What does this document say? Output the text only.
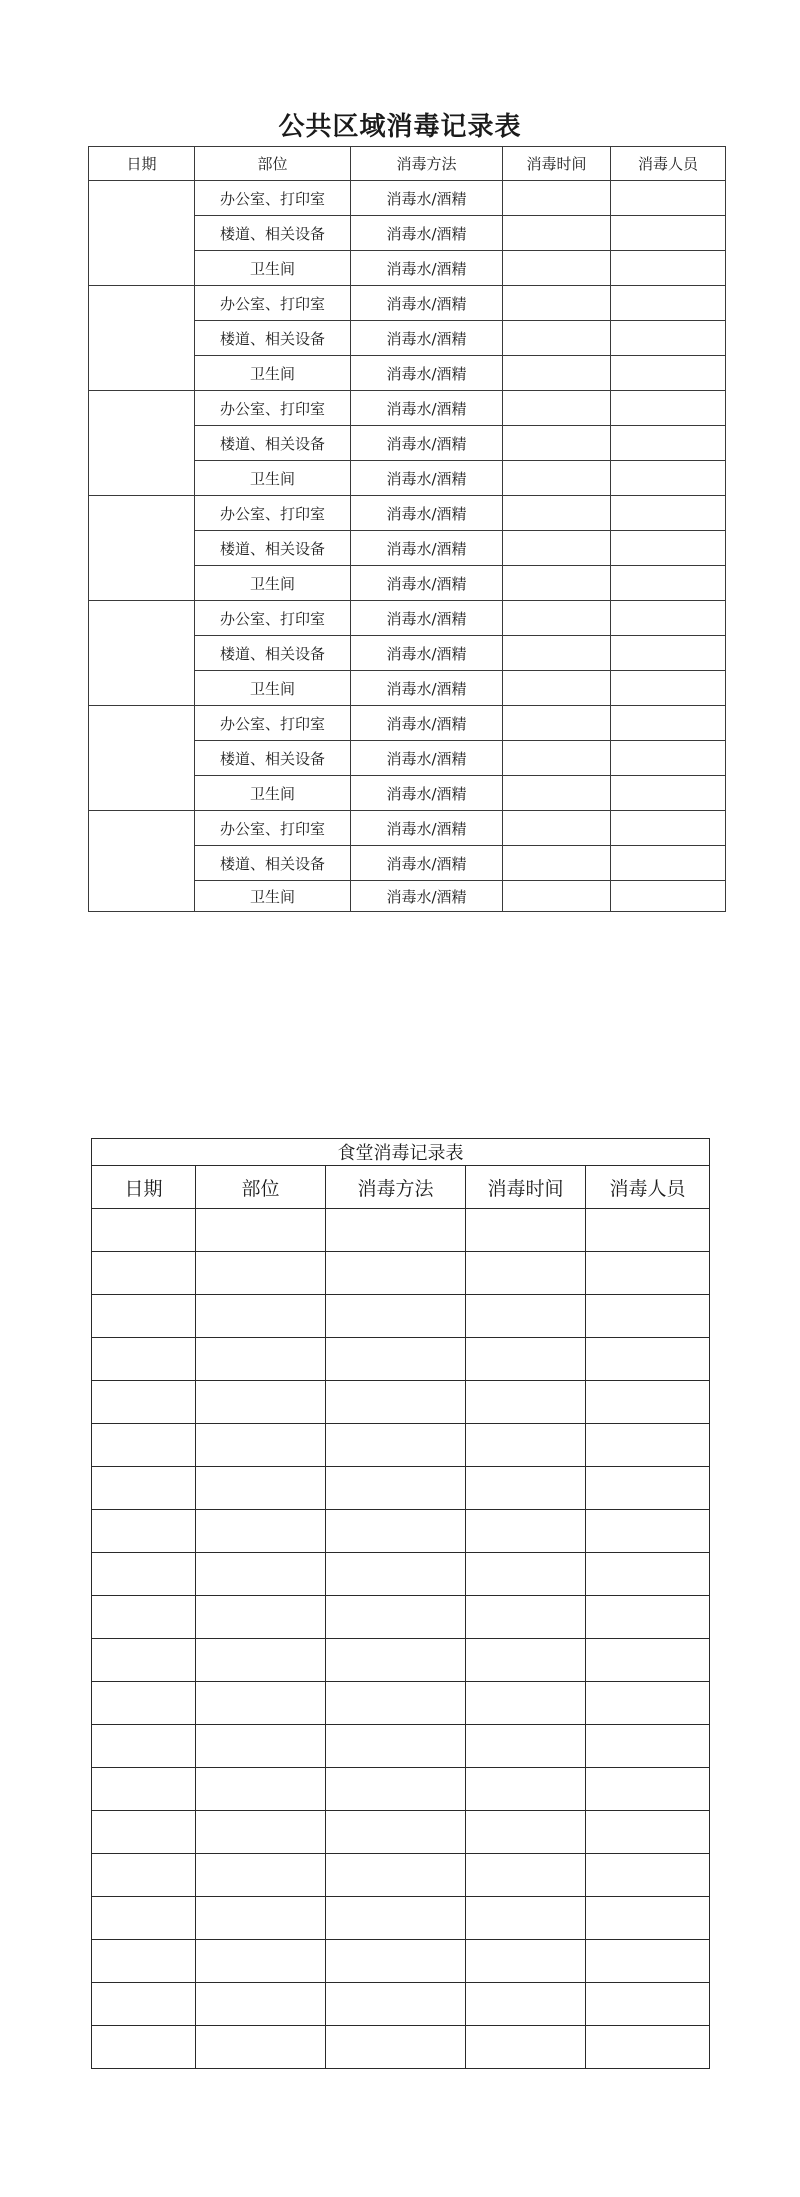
公共区域消毒记录表
日期	部位	消毒方法	消毒时间	消毒人员
	办公室、打印室	消毒水/酒精		
	楼道、相关设备	消毒水/酒精		
	卫生间	消毒水/酒精		
	办公室、打印室	消毒水/酒精		
	楼道、相关设备	消毒水/酒精		
	卫生间	消毒水/酒精		
	办公室、打印室	消毒水/酒精		
	楼道、相关设备	消毒水/酒精		
	卫生间	消毒水/酒精		
	办公室、打印室	消毒水/酒精		
	楼道、相关设备	消毒水/酒精		
	卫生间	消毒水/酒精		
	办公室、打印室	消毒水/酒精		
	楼道、相关设备	消毒水/酒精		
	卫生间	消毒水/酒精		
	办公室、打印室	消毒水/酒精		
	楼道、相关设备	消毒水/酒精		
	卫生间	消毒水/酒精		
	办公室、打印室	消毒水/酒精		
	楼道、相关设备	消毒水/酒精		
	卫生间	消毒水/酒精		
食堂消毒记录表				
日期	部位	消毒方法	消毒时间	消毒人员
